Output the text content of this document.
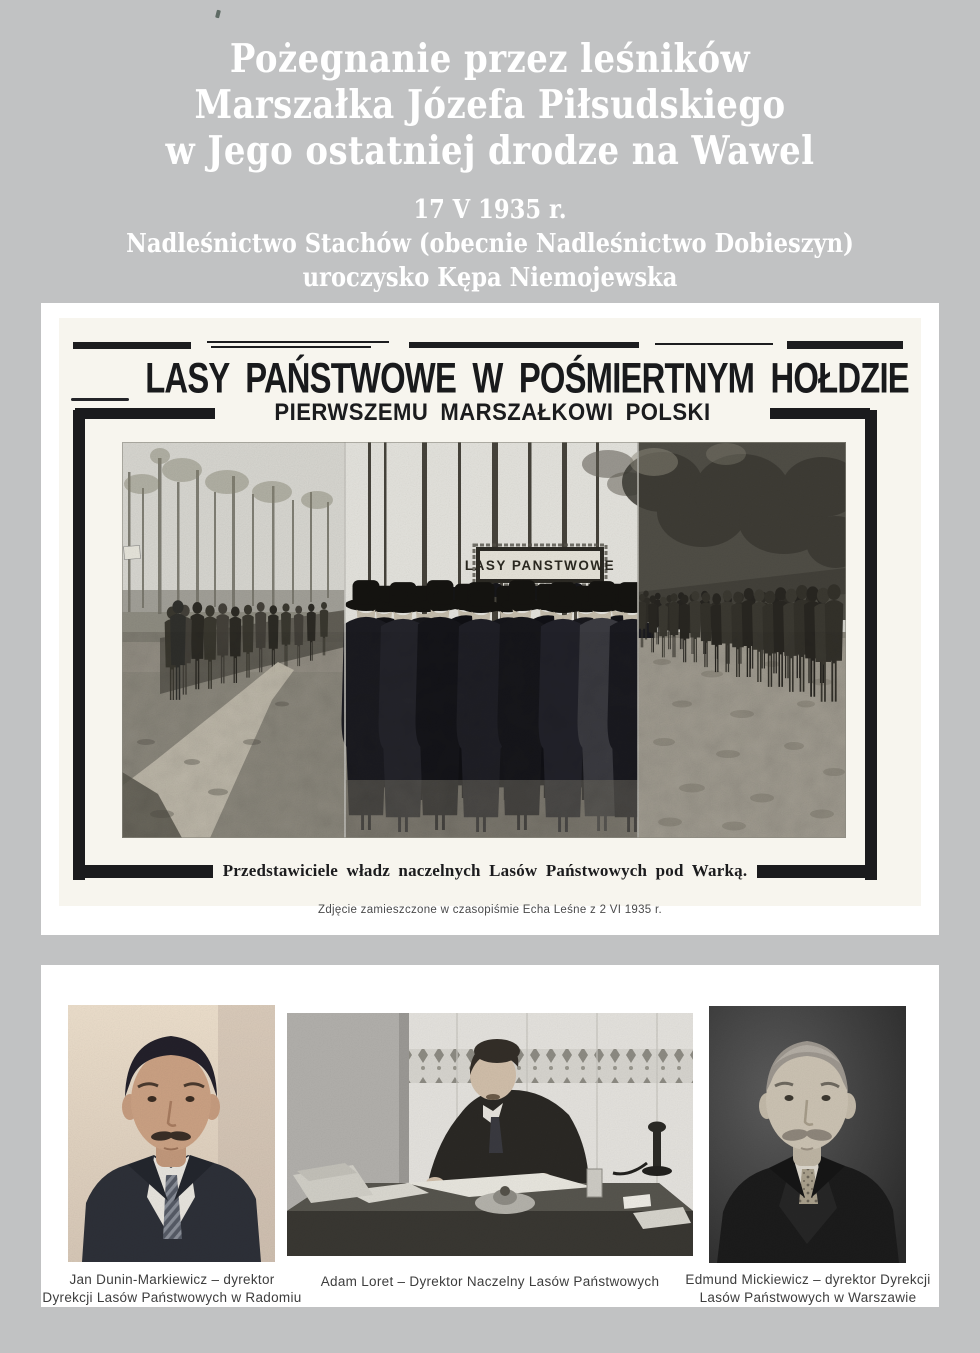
Pożegnanie przez leśników
Marszałka Józefa Piłsudskiego
w Jego ostatniej drodze na Wawel
17 V 1935 r.
Nadleśnictwo Stachów (obecnie Nadleśnictwo Dobieszyn)
uroczysko Kępa Niemojewska
LASY PAŃSTWOWE W POŚMIERTNYM HOŁDZIE
PIERWSZEMU MARSZAŁKOWI POLSKI
LASY PANSTWOWE
Przedstawiciele władz naczelnych Lasów Państwowych pod Warką.
Zdjęcie zamieszczone w czasopiśmie Echa Leśne z 2 VI 1935 r.
Jan Dunin-Markiewicz – dyrektor
Dyrekcji Lasów Państwowych w Radomiu
Adam Loret – Dyrektor Naczelny Lasów Państwowych	Edmund Mickiewicz – dyrektor Dyrekcji
Lasów Państwowych w Warszawie
